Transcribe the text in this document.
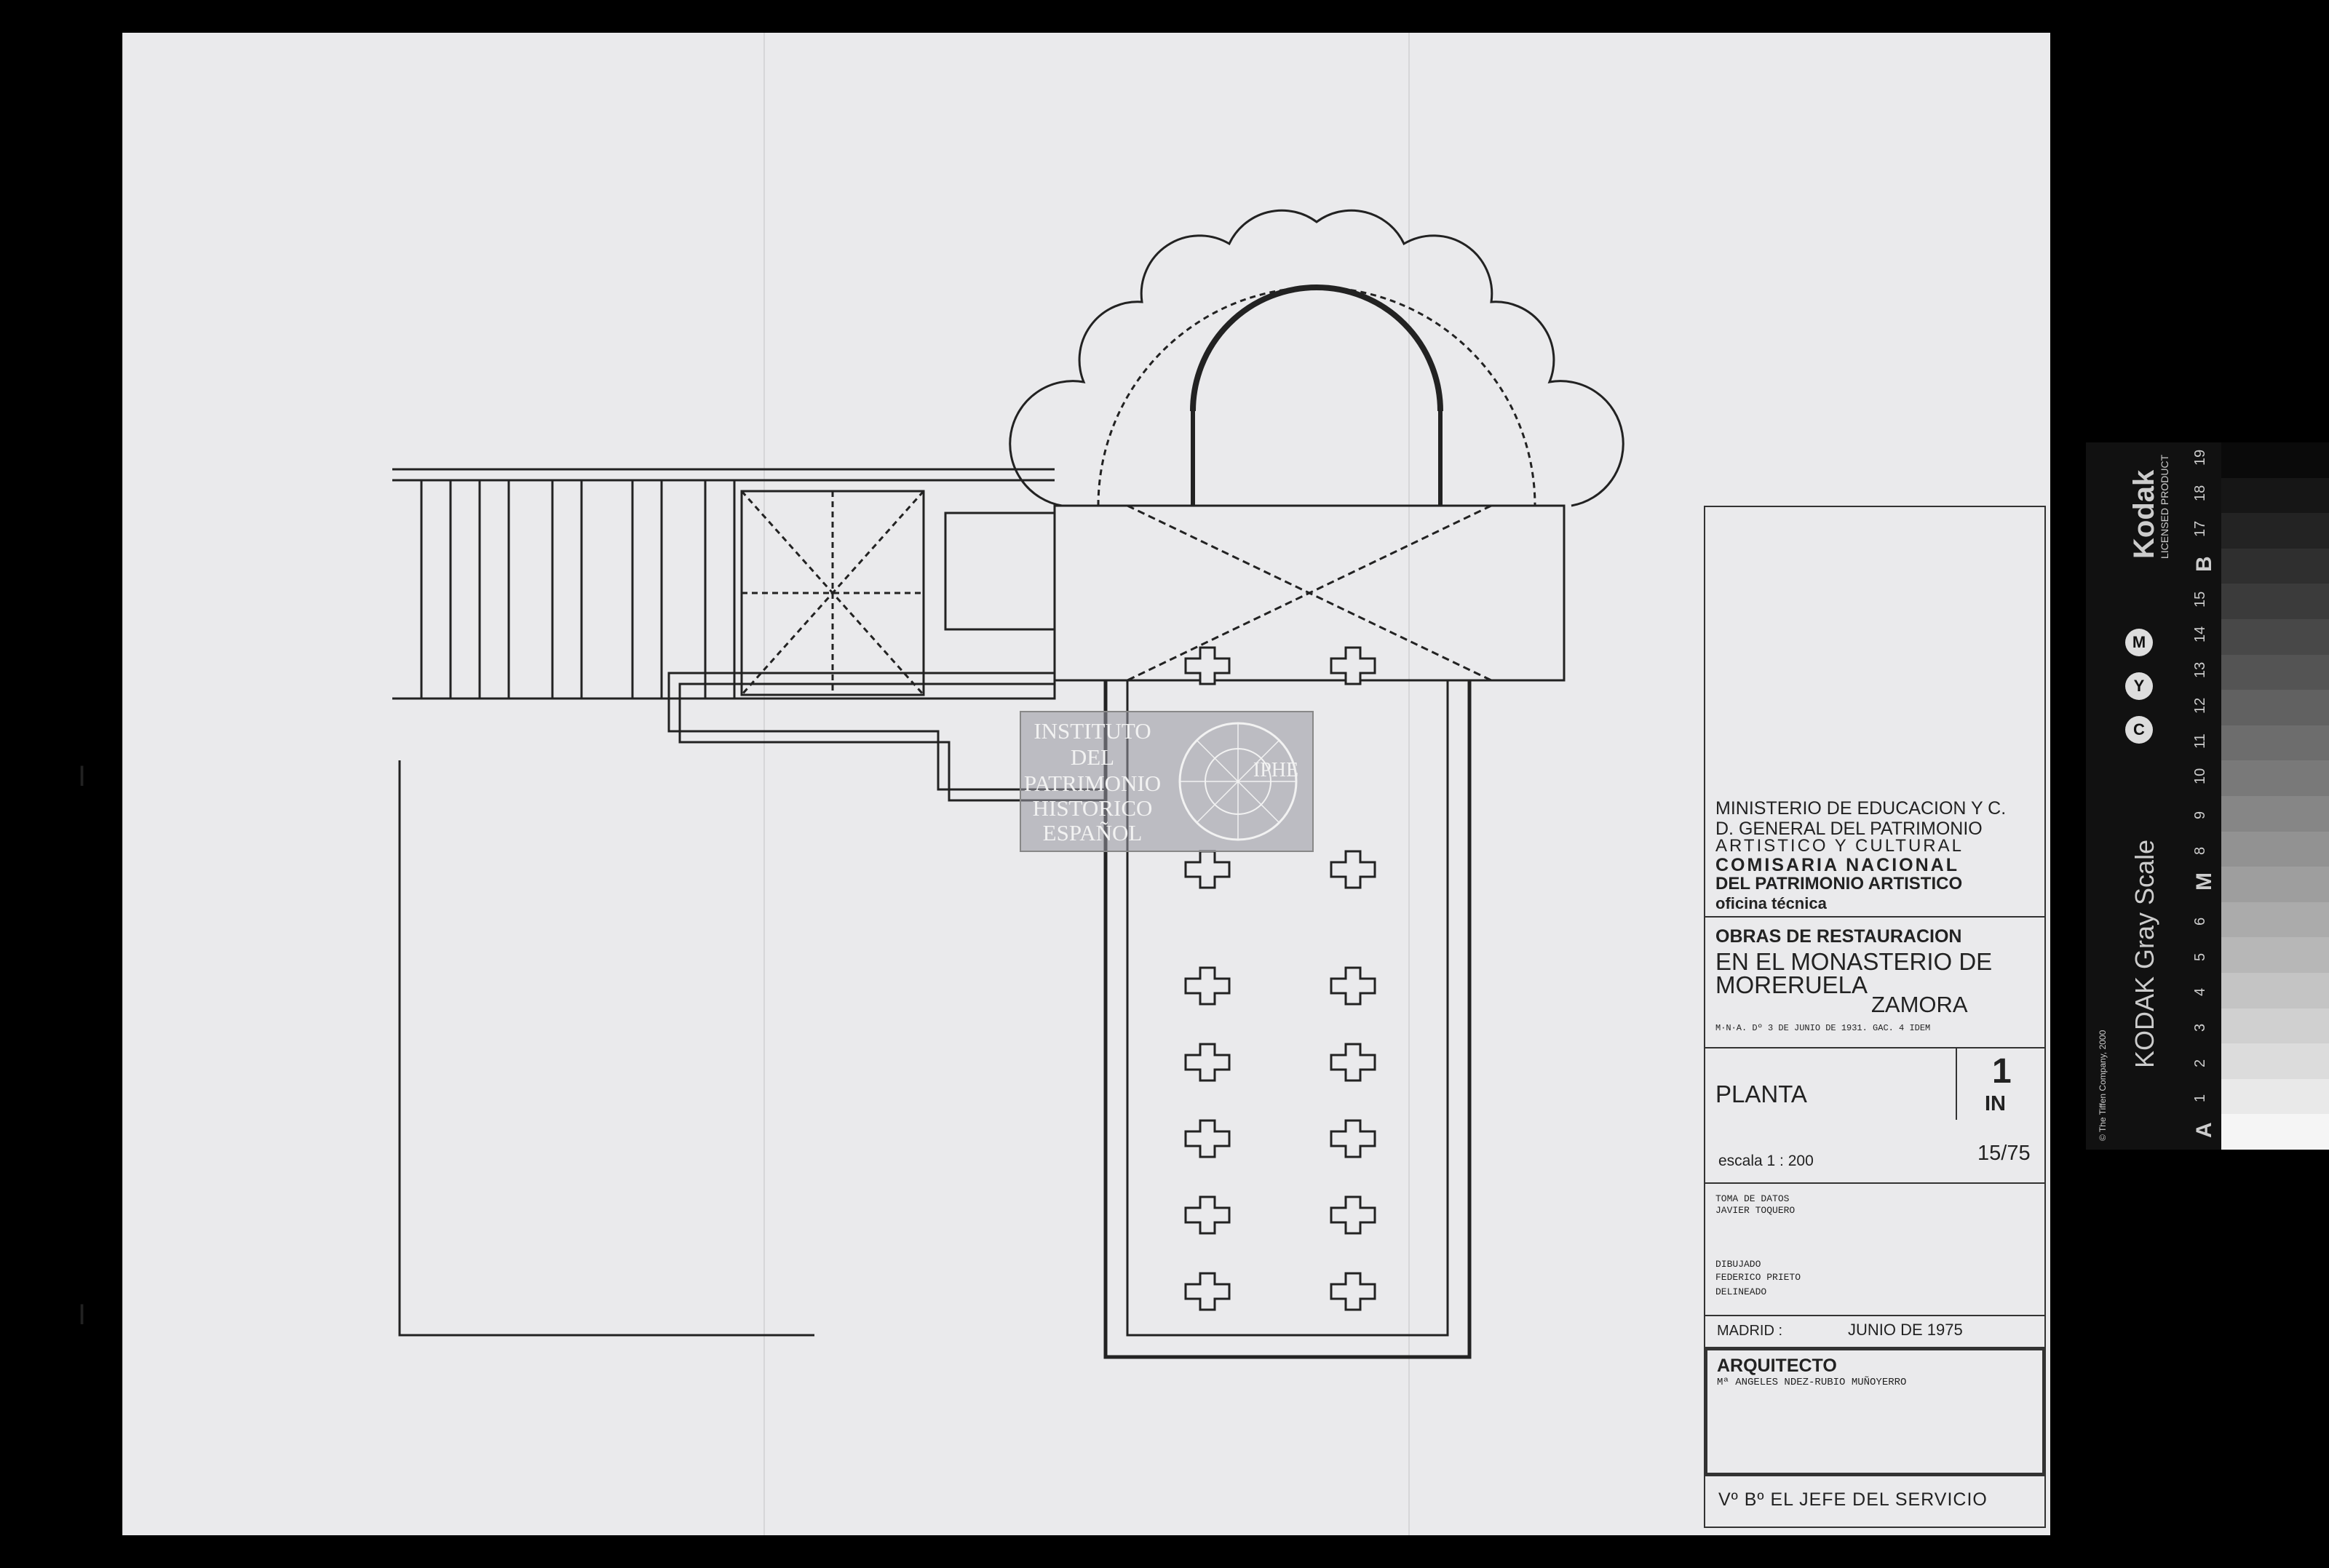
INSTITUTO
DEL
PATRIMONIO
HISTORICO
ESPAÑOL
IPHE
MINISTERIO DE EDUCACION Y C.
D. GENERAL DEL PATRIMONIO
ARTISTICO Y CULTURAL
COMISARIA NACIONAL
DEL PATRIMONIO ARTISTICO
oficina técnica
OBRAS DE RESTAURACION
EN EL MONASTERIO DE
MORERUELA
ZAMORA
M·N·A. Dº 3 DE JUNIO DE 1931. GAC. 4 IDEM
PLANTA
1
IN
escala 1 : 200	15/75
TOMA DE DATOS
JAVIER TOQUERO
DIBUJADO
FEDERICO PRIETO
DELINEADO
MADRID :	JUNIO DE 1975
ARQUITECTO
Mª ANGELES NDEZ-RUBIO MUÑOYERRO
Vº Bº EL JEFE DEL SERVICIO
I
I
Kodak
LICENSED PRODUCT
KODAK Gray Scale
© The Tiffen Company, 2000
M
Y
C
A
1
2
3
4
5
6
M
8
9
10
11
12
13
14
15
B
17
18
19
